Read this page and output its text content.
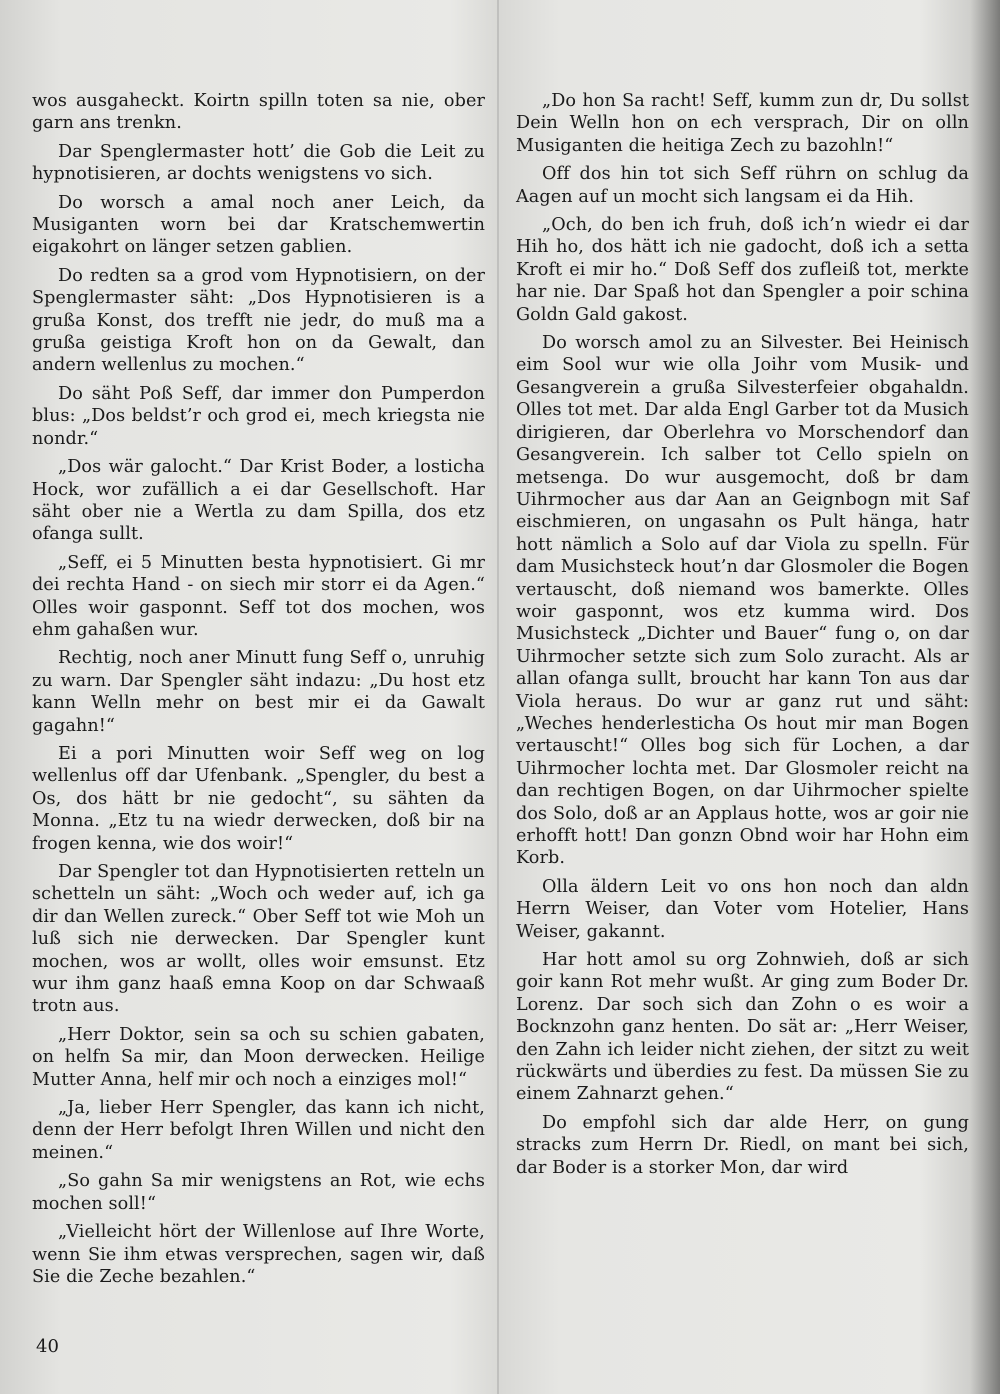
wos ausgaheckt. Koirtn spilln toten sa nie, ober garn ans trenkn.

Dar Spenglermaster hott’ die Gob die Leit zu hypnotisieren, ar dochts wenigstens vo sich.

Do worsch a amal noch aner Leich, da Musiganten worn bei dar Kratschemwertin eigakohrt on länger setzen gablien.

Do redten sa a grod vom Hypnotisiern, on der Spenglermaster säht: „Dos Hypnotisieren is a grußa Konst, dos trefft nie jedr, do muß ma a grußa geistiga Kroft hon on da Gewalt, dan andern wellenlus zu mochen.“

Do säht Poß Seff, dar immer don Pumperdon blus: „Dos beldst’r och grod ei, mech kriegsta nie nondr.“

„Dos wär galocht.“ Dar Krist Boder, a losticha Hock, wor zufällich a ei dar Gesellschoft. Har säht ober nie a Wertla zu dam Spilla, dos etz ofanga sullt.

„Seff, ei 5 Minutten besta hypnotisiert. Gi mr dei rechta Hand - on siech mir storr ei da Agen.“ Olles woir gasponnt. Seff tot dos mochen, wos ehm gahaßen wur.

Rechtig, noch aner Minutt fung Seff o, unruhig zu warn. Dar Spengler säht indazu: „Du host etz kann Welln mehr on best mir ei da Gawalt gagahn!“

Ei a pori Minutten woir Seff weg on log wellenlus off dar Ufenbank. „Spengler, du best a Os, dos hätt br nie gedocht“, su sähten da Monna. „Etz tu na wiedr derwecken, doß bir na frogen kenna, wie dos woir!“

Dar Spengler tot dan Hypnotisierten retteln un schetteln un säht: „Woch och weder auf, ich ga dir dan Wellen zureck.“ Ober Seff tot wie Moh un luß sich nie derwecken. Dar Spengler kunt mochen, wos ar wollt, olles woir emsunst. Etz wur ihm ganz haaß emna Koop on dar Schwaaß trotn aus.

„Herr Doktor, sein sa och su schien gabaten, on helfn Sa mir, dan Moon derwecken. Heilige Mutter Anna, helf mir och noch a einziges mol!“

„Ja, lieber Herr Spengler, das kann ich nicht, denn der Herr befolgt Ihren Willen und nicht den meinen.“

„So gahn Sa mir wenigstens an Rot, wie echs mochen soll!“

„Vielleicht hört der Willenlose auf Ihre Worte, wenn Sie ihm etwas versprechen, sagen wir, daß Sie die Zeche bezahlen.“

„Do hon Sa racht! Seff, kumm zun dr, Du sollst Dein Welln hon on ech versprach, Dir on olln Musiganten die heitiga Zech zu bazohln!“

Off dos hin tot sich Seff rührn on schlug da Aagen auf un mocht sich langsam ei da Hih.

„Och, do ben ich fruh, doß ich’n wiedr ei dar Hih ho, dos hätt ich nie gadocht, doß ich a setta Kroft ei mir ho.“ Doß Seff dos zufleiß tot, merkte har nie. Dar Spaß hot dan Spengler a poir schina Goldn Gald gakost.

Do worsch amol zu an Silvester. Bei Heinisch eim Sool wur wie olla Joihr vom Musik- und Gesangverein a grußa Silvesterfeier obgahaldn. Olles tot met. Dar alda Engl Garber tot da Musich dirigieren, dar Oberlehra vo Morschendorf dan Gesangverein. Ich salber tot Cello spieln on metsenga. Do wur ausgemocht, doß br dam Uihrmocher aus dar Aan an Geignbogn mit Saf eischmieren, on ungasahn os Pult hänga, hatr hott nämlich a Solo auf dar Viola zu spelln. Für dam Musichsteck hout’n dar Glosmoler die Bogen vertauscht, doß niemand wos bamerkte. Olles woir gasponnt, wos etz kumma wird. Dos Musichsteck „Dichter und Bauer“ fung o, on dar Uihrmocher setzte sich zum Solo zuracht. Als ar allan ofanga sullt, broucht har kann Ton aus dar Viola heraus. Do wur ar ganz rut und säht: „Weches henderlesticha Os hout mir man Bogen vertauscht!“ Olles bog sich für Lochen, a dar Uihrmocher lochta met. Dar Glosmoler reicht na dan rechtigen Bogen, on dar Uihrmocher spielte dos Solo, doß ar an Applaus hotte, wos ar goir nie erhofft hott! Dan gonzn Obnd woir har Hohn eim Korb.

Olla äldern Leit vo ons hon noch dan aldn Herrn Weiser, dan Voter vom Hotelier, Hans Weiser, gakannt.

Har hott amol su org Zohnwieh, doß ar sich goir kann Rot mehr wußt. Ar ging zum Boder Dr. Lorenz. Dar soch sich dan Zohn o es woir a Bocknzohn ganz henten. Do sät ar: „Herr Weiser, den Zahn ich leider nicht ziehen, der sitzt zu weit rückwärts und überdies zu fest. Da müssen Sie zu einem Zahnarzt gehen.“

Do empfohl sich dar alde Herr, on gung stracks zum Herrn Dr. Riedl, on mant bei sich, dar Boder is a storker Mon, dar wird

40
